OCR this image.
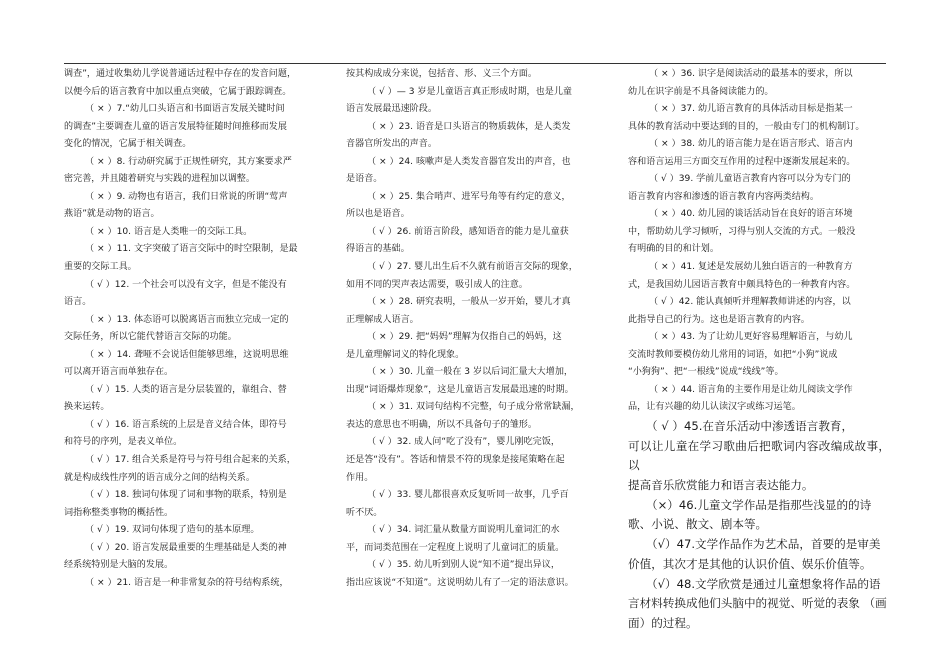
调查”，通过收集幼儿学说普通话过程中存在的发音问题，
以便今后的语言教育中加以重点突破，它属于跟踪调查。
（ × ）7.“幼儿口头语言和书面语言发展关键时间
的调查”主要调查儿童的语言发展特征随时间推移而发展
变化的情况，它属于相关调查。
（ × ）8. 行动研究属于正规性研究，其方案要求严
密完善，并且随着研究与实践的进程加以调整。
（ × ）9. 动物也有语言，我们日常说的所谓“莺声
燕语”就是动物的语言。
（ × ）10. 语言是人类唯一的交际工具。
（ × ）11. 文字突破了语言交际中的时空限制，是最
重要的交际工具。
（ √ ）12. 一个社会可以没有文字，但是不能没有
语言。
（ × ）13. 体态语可以脱离语言而独立完成一定的
交际任务，所以它能代替语言交际的功能。
（ × ）14. 聋哑不会说话但能够思维，这说明思维
可以离开语言而单独存在。
（ √ ）15. 人类的语言是分层装置的，靠组合、替
换来运转。
（ √ ）16. 语言系统的上层是音义结合体，即符号
和符号的序列，是表义单位。
（ √ ）17. 组合关系是符号与符号组合起来的关系，
就是构成线性序列的语言成分之间的结构关系。
（ √ ）18. 独词句体现了词和事物的联系，特别是
词指称整类事物的概括性。
（ √ ）19. 双词句体现了造句的基本原理。
（ √ ）20. 语言发展最重要的生理基础是人类的神
经系统特别是大脑的发展。
（ × ）21. 语言是一种非常复杂的符号结构系统，
按其构成成分来说，包括音、形、义三个方面。
（ √ ）— 3 岁是儿童语言真正形成时期，也是儿童
语言发展最迅速阶段。
（ × ）23. 语音是口头语言的物质载体，是人类发
音器官所发出的声音。
（ × ）24. 咳嗽声是人类发音器官发出的声音，也
是语音。
（ × ）25. 集合哨声、进军号角等有约定的意义，
所以也是语音。
（ √ ）26. 前语言阶段，感知语音的能力是儿童获
得语言的基础。
（ √ ）27. 婴儿出生后不久就有前语言交际的现象，
如用不同的哭声表达需要，吸引成人的注意。
（ × ）28. 研究表明，一般从一岁开始，婴儿才真
正理解成人语言。
（ × ）29. 把“妈妈”理解为仅指自己的妈妈，这
是儿童理解词义的特化现象。
（ × ）30. 儿童一般在 3 岁以后词汇量大大增加，
出现“词语爆炸现象”，这是儿童语言发展最迅速的时期。
（ × ）31. 双词句结构不完整，句子成分常常缺漏，
表达的意思也不明确，所以不具备句子的雏形。
（ √ ）32. 成人问“吃了没有”，婴儿刚吃完饭，
还是答“没有”。答话和情景不符的现象是接尾策略在起
作用。
（ √ ）33. 婴儿都很喜欢反复听同一故事，几乎百
听不厌。
（ √ ）34. 词汇量从数量方面说明儿童词汇的水
平，而词类范围在一定程度上说明了儿童词汇的质量。
（ √ ）35. 幼儿听到别人说“知不道”提出异议，
指出应该说“不知道”。这说明幼儿有了一定的语法意识。
（ × ）36. 识字是阅读活动的最基本的要求，所以
幼儿在识字前是不具备阅读能力的。
（ × ）37. 幼儿语言教育的具体活动目标是指某一
具体的教育活动中要达到的目的，一般由专门的机构制订。
（ × ）38. 幼儿的语言能力是在语言形式、语言内
容和语言运用三方面交互作用的过程中逐渐发展起来的。
（ √ ）39. 学前儿童语言教育内容可以分为专门的
语言教育内容和渗透的语言教育内容两类结构。
（ × ）40. 幼儿园的谈话活动旨在良好的语言环境
中，帮助幼儿学习倾听，习得与别人交流的方式。一般没
有明确的目的和计划。
（ × ）41. 复述是发展幼儿独白语言的一种教育方
式，是我国幼儿园语言教育中颇具特色的一种教育内容。
（ √ ）42. 能认真倾听并理解教师讲述的内容，以
此指导自己的行为。这也是语言教育的内容。
（ × ）43. 为了让幼儿更好容易理解语言，与幼儿
交流时教师要模仿幼儿常用的词语，如把“小狗”说成
“小狗狗”、把“一根线”说成“线线”等。
（ × ）44. 语言角的主要作用是让幼儿阅读文学作
品，让有兴趣的幼儿认读汉字或练习运笔。
（ √ ）45.在音乐活动中渗透语言教育，
可以让儿童在学习歌曲后把歌词内容改编成故事， 以
提高音乐欣赏能力和语言表达能力。
（×）46.儿童文学作品是指那些浅显的的诗
歌、小说、散文、剧本等。
（√）47.文学作品作为艺术品，首要的是审美
价值，其次才是其他的认识价值、娱乐价值等。
（√）48.文学欣赏是通过儿童想象将作品的语
言材料转换成他们头脑中的视觉、听觉的表象 （画
面）的过程。
